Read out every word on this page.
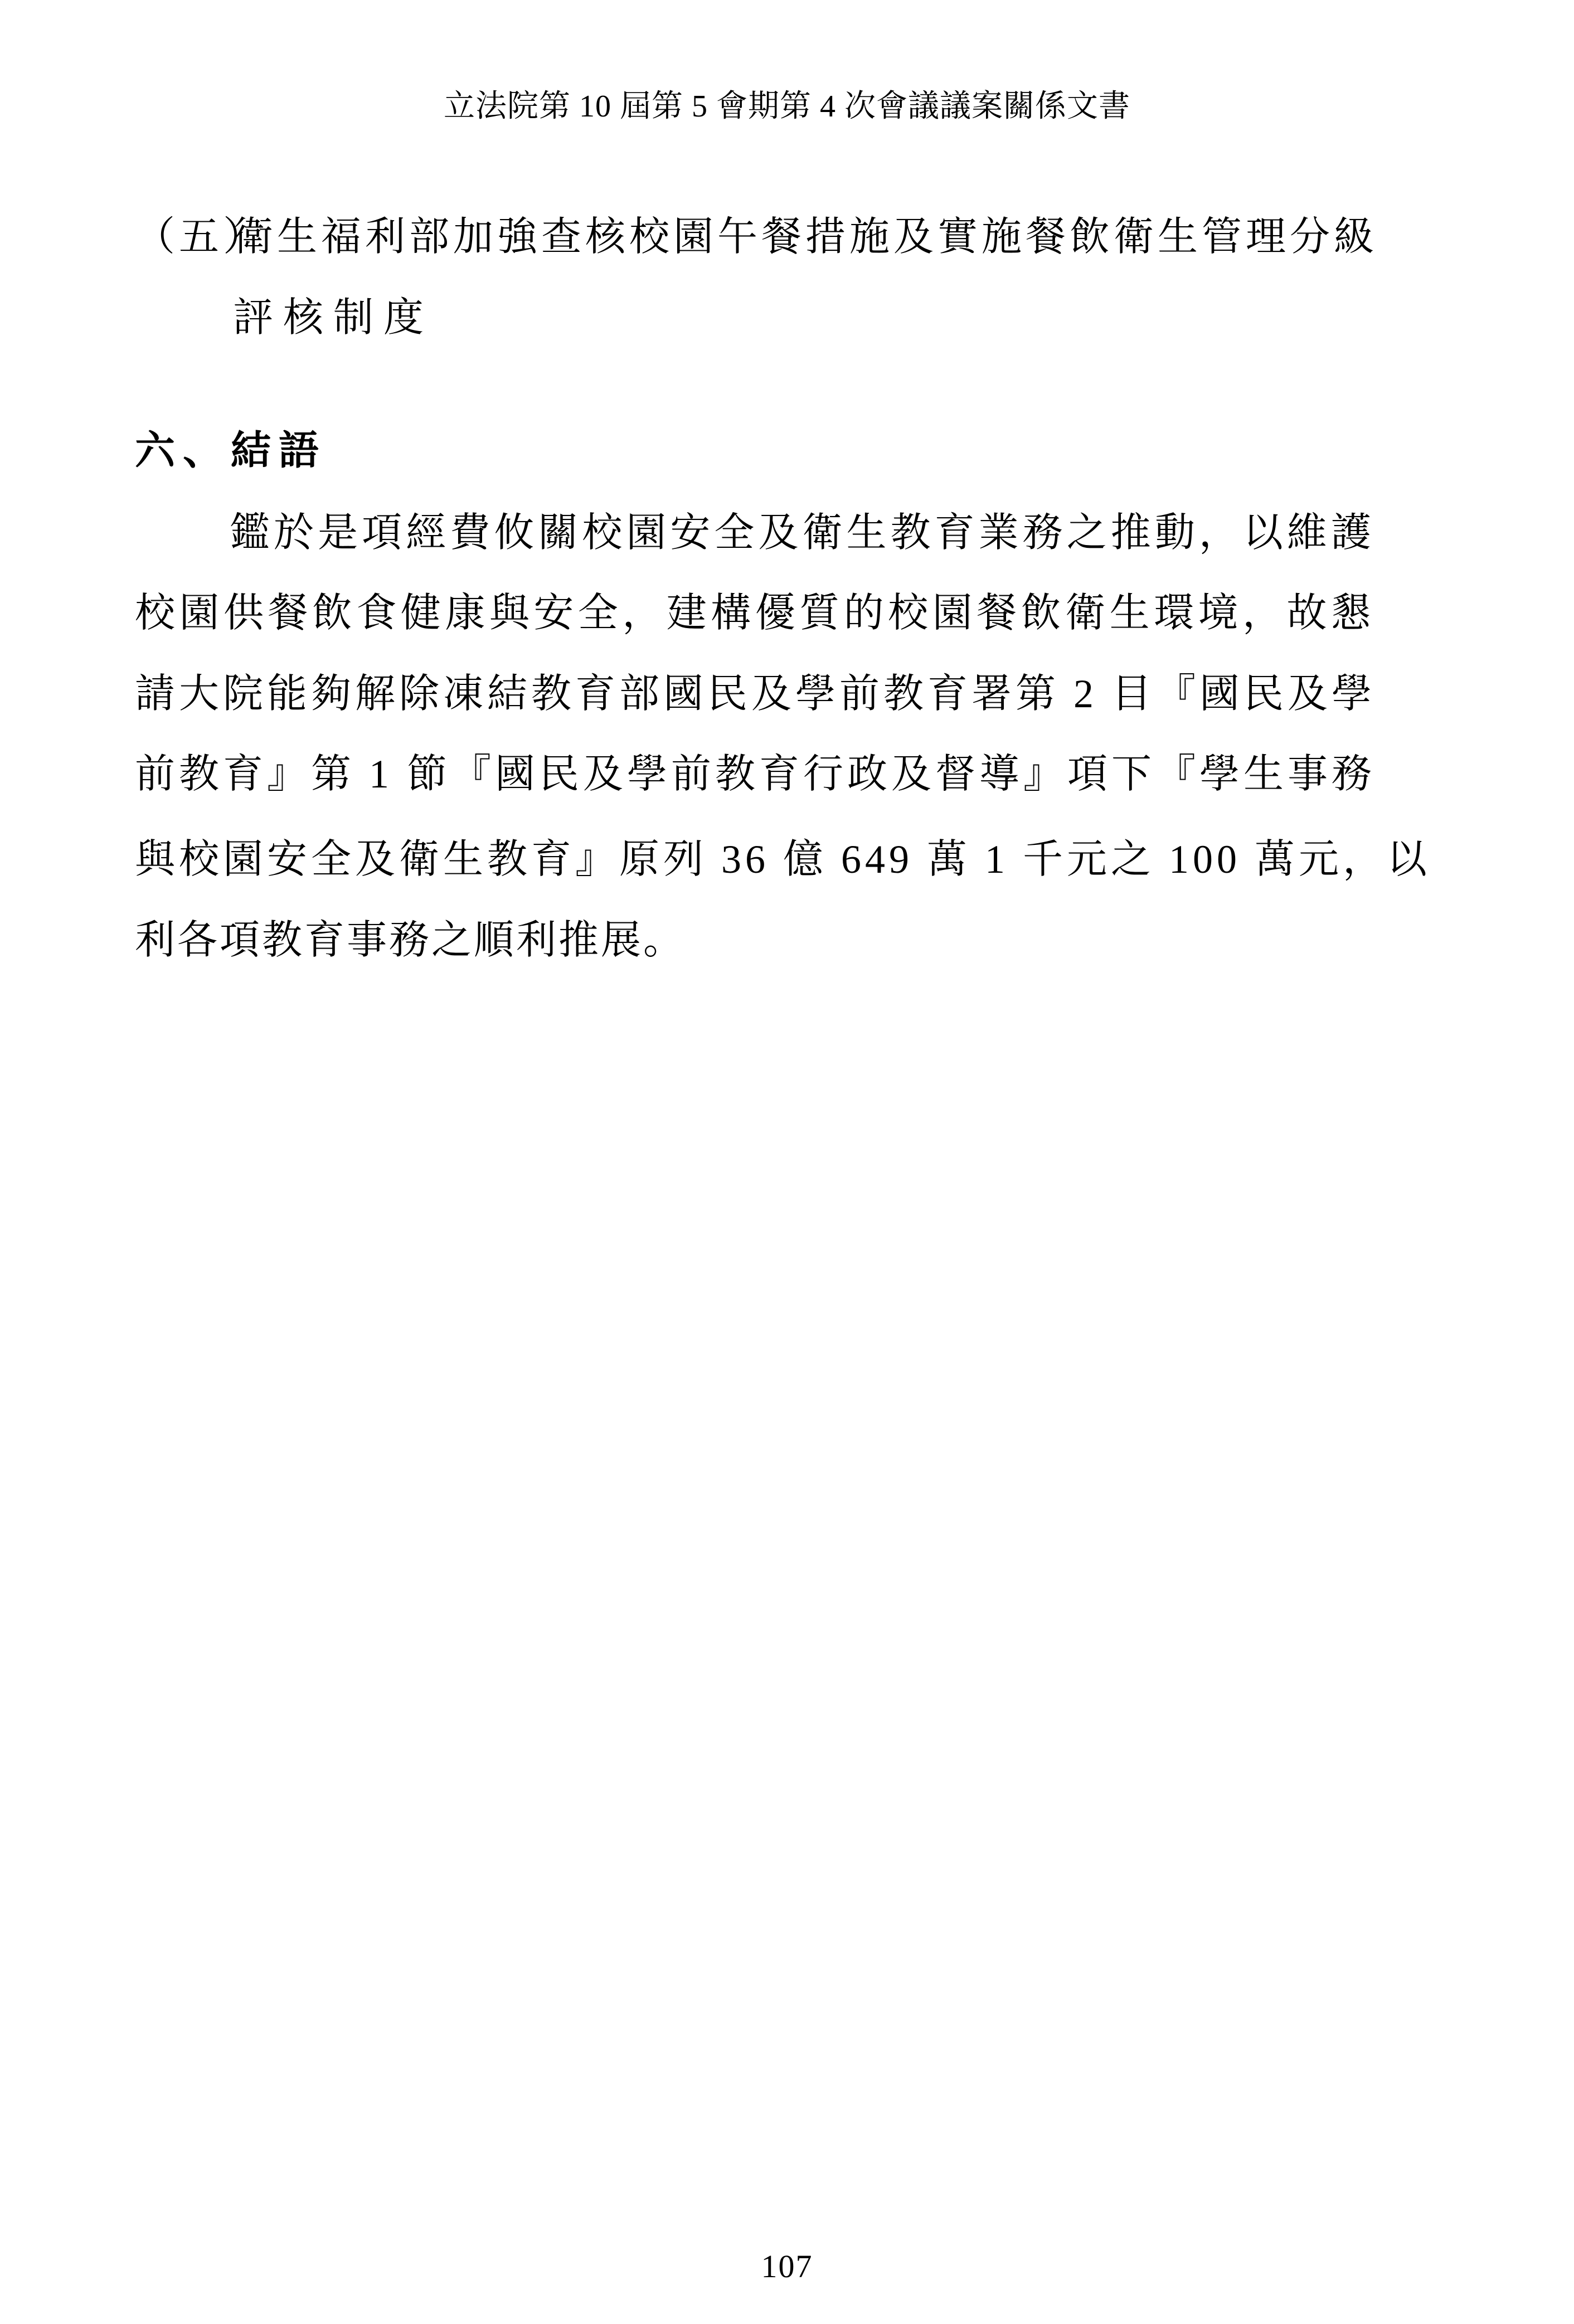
立法院第 10 屆第 5 會期第 4 次會議議案關係文書
（五）
衛生福利部加強查核校園午餐措施及實施餐飲衛生管理分級
評核制度
六、結語
鑑於是項經費攸關校園安全及衛生教育業務之推動，以維護
校園供餐飲食健康與安全，建構優質的校園餐飲衛生環境，故懇
請大院能夠解除凍結教育部國民及學前教育署第 2 目『國民及學
前教育』第 1 節『國民及學前教育行政及督導』項下『學生事務
與校園安全及衛生教育』原列 36 億 649 萬 1 千元之 100 萬元，以
利各項教育事務之順利推展。
107
